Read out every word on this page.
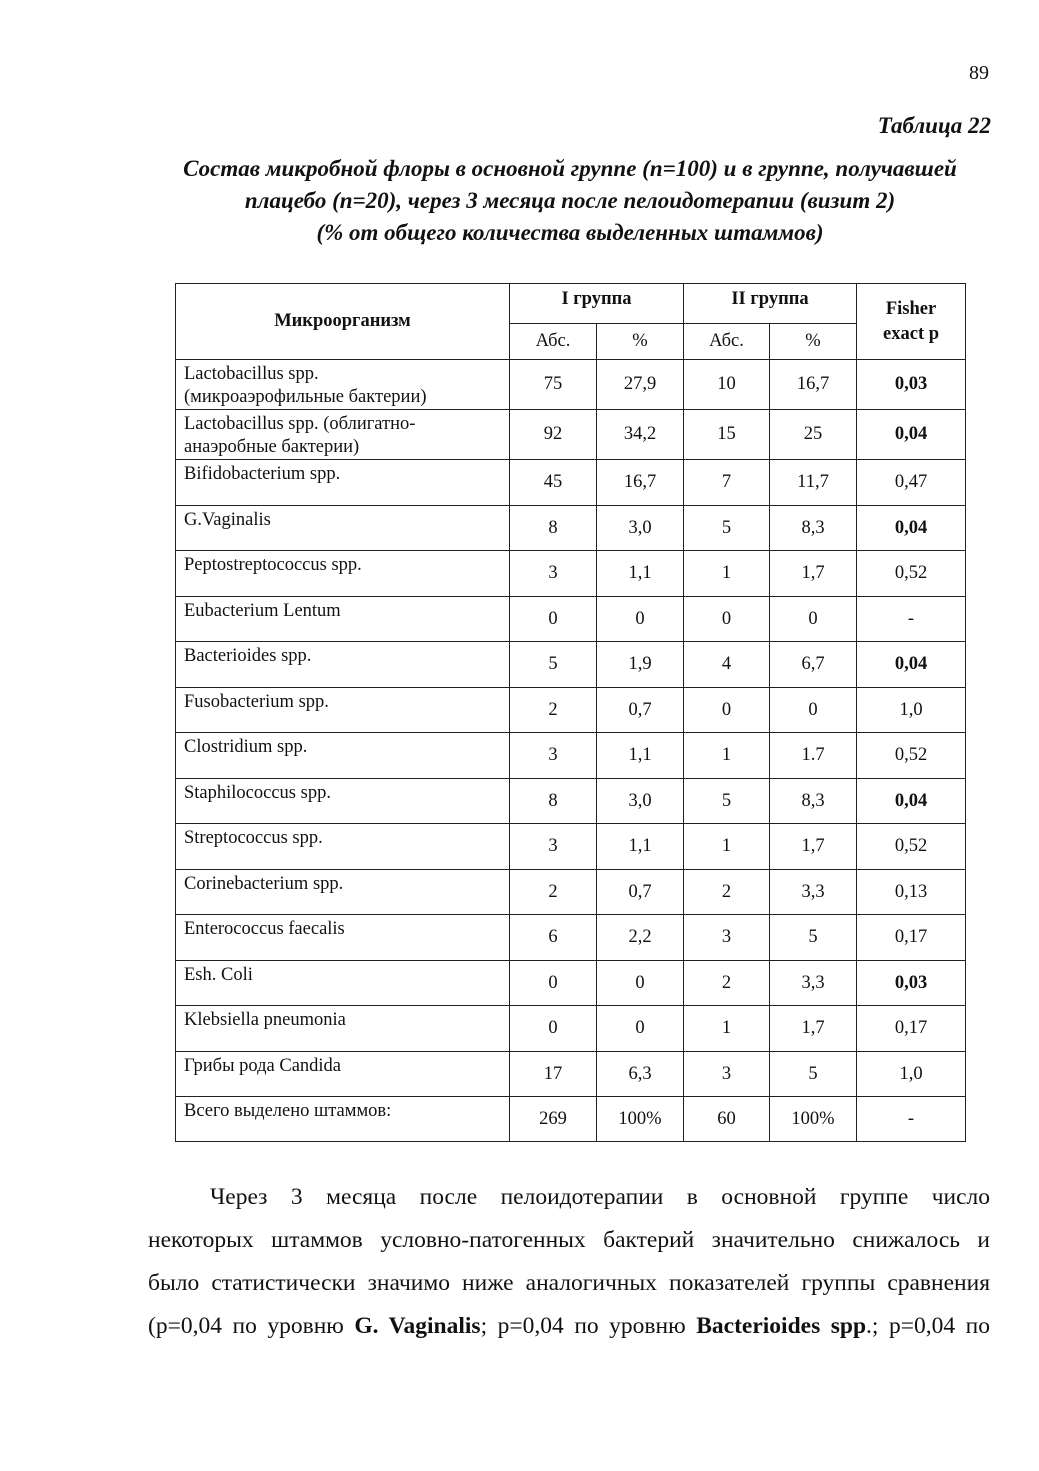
89
Таблица 22
Состав микробной флоры в основной группе (n=100) и в группе, получавшей
плацебо (n=20), через 3 месяца после пелоидотерапии (визит 2)
(% от общего количества выделенных штаммов)
Микроорганизм	I группа		II группа		Fisher
exact p

	Абс.	%	Абс.	%	

Lactobacillus spp.
(микроаэрофильные бактерии)	75	27,9	10	16,7	0,03

Lactobacillus spp. (облигатно-
анаэробные бактерии)	92	34,2	15	25	0,04

Bifidobacterium spp.	45	16,7	7	11,7	0,47

G.Vaginalis	8	3,0	5	8,3	0,04

Peptostreptococcus spp.	3	1,1	1	1,7	0,52

Eubacterium Lentum	0	0	0	0	-

Bacterioides spp.	5	1,9	4	6,7	0,04

Fusobacterium spp.	2	0,7	0	0	1,0

Clostridium spp.	3	1,1	1	1.7	0,52

Staphilococcus spp.	8	3,0	5	8,3	0,04

Streptococcus spp.	3	1,1	1	1,7	0,52

Corinebacterium spp.	2	0,7	2	3,3	0,13

Enterococcus faecalis	6	2,2	3	5	0,17

Esh. Coli	0	0	2	3,3	0,03

Klebsiella pneumonia	0	0	1	1,7	0,17

Грибы рода Candida	17	6,3	3	5	1,0

Всего выделено штаммов:	269	100%	60	100%	-
Через 3 месяца после пелоидотерапии в основной группе число
некоторых штаммов условно-патогенных бактерий значительно снижалось и
было статистически значимо ниже аналогичных показателей группы сравнения
(p=0,04 по уровню G. Vaginalis; p=0,04 по уровню Bacterioides spp.; p=0,04 по
